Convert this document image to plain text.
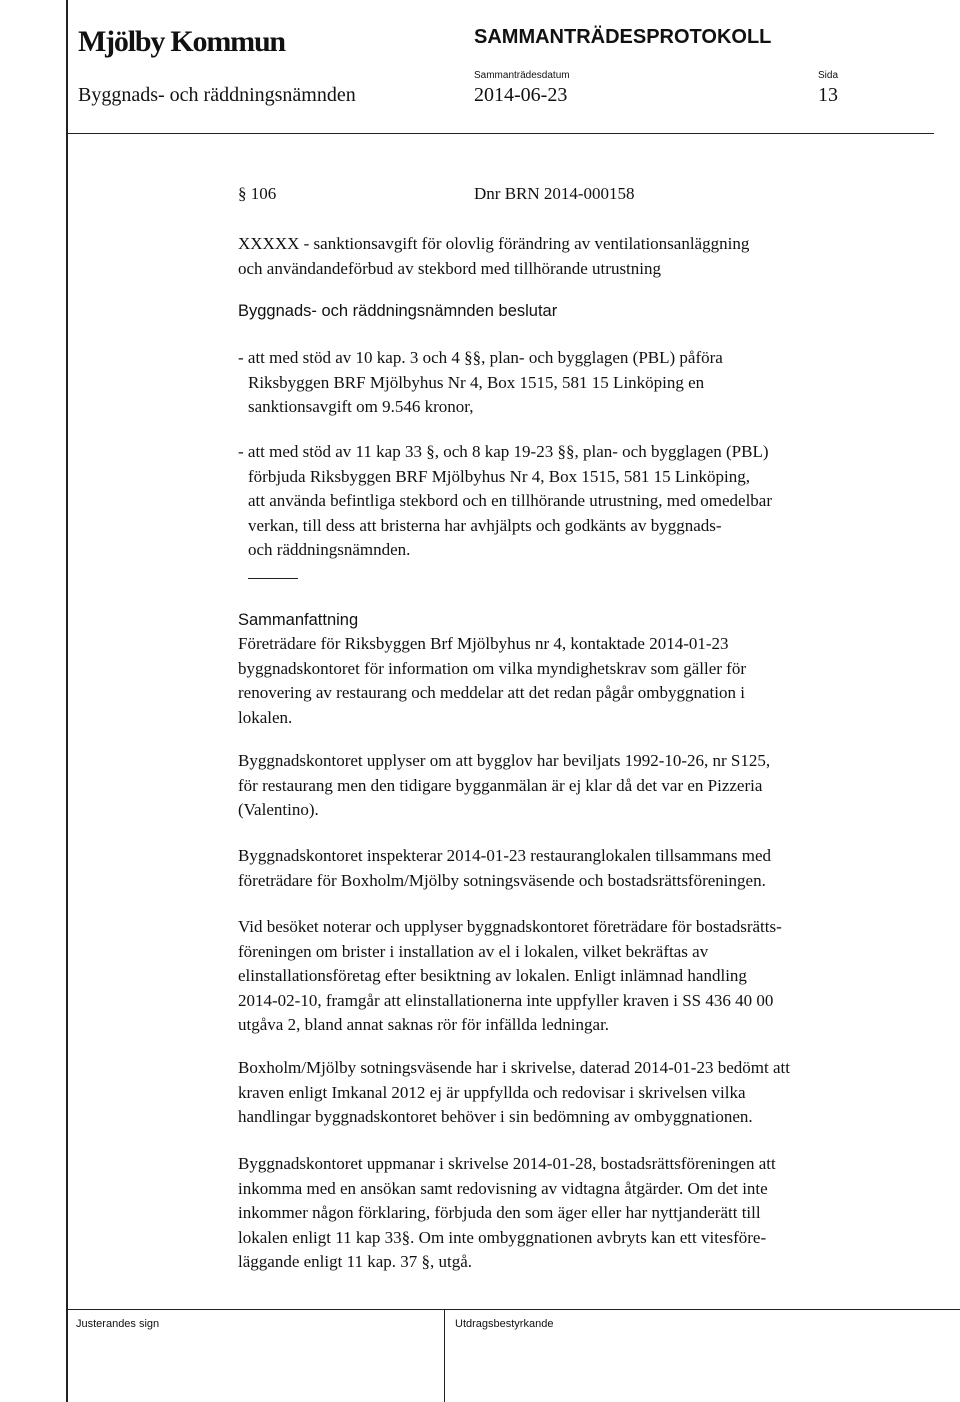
Mjölby Kommun	SAMMANTRÄDESPROTOKOLL
Sammanträdesdatum	Sida
Byggnads- och räddningsnämnden	2014-06-23	13
§ 106	Dnr BRN 2014-000158
XXXXX - sanktionsavgift för olovlig förändring av ventilationsanläggning
och användandeförbud av stekbord med tillhörande utrustning
Byggnads- och räddningsnämnden beslutar
- att med stöd av 10 kap. 3 och 4 §§, plan- och bygglagen (PBL) påföra
Riksbyggen BRF Mjölbyhus Nr 4, Box 1515, 581 15 Linköping en
sanktionsavgift om 9.546 kronor,
- att med stöd av 11 kap 33 §, och 8 kap 19-23 §§, plan- och bygglagen (PBL)
förbjuda Riksbyggen BRF Mjölbyhus Nr 4, Box 1515, 581 15 Linköping,
att använda befintliga stekbord och en tillhörande utrustning, med omedelbar
verkan, till dess att bristerna har avhjälpts och godkänts av byggnads-
och räddningsnämnden.
Sammanfattning
Företrädare för Riksbyggen Brf Mjölbyhus nr 4, kontaktade 2014-01-23
byggnadskontoret för information om vilka myndighetskrav som gäller för
renovering av restaurang och meddelar att det redan pågår ombyggnation i
lokalen.
Byggnadskontoret upplyser om att bygglov har beviljats 1992-10-26, nr S125,
för restaurang men den tidigare bygganmälan är ej klar då det var en Pizzeria
(Valentino).
Byggnadskontoret inspekterar 2014-01-23 restauranglokalen tillsammans med
företrädare för Boxholm/Mjölby sotningsväsende och bostadsrättsföreningen.
Vid besöket noterar och upplyser byggnadskontoret företrädare för bostadsrätts-
föreningen om brister i installation av el i lokalen, vilket bekräftas av
elinstallationsföretag efter besiktning av lokalen. Enligt inlämnad handling
2014-02-10, framgår att elinstallationerna inte uppfyller kraven i SS 436 40 00
utgåva 2, bland annat saknas rör för infällda ledningar.
Boxholm/Mjölby sotningsväsende har i skrivelse, daterad 2014-01-23 bedömt att
kraven enligt Imkanal 2012 ej är uppfyllda och redovisar i skrivelsen vilka
handlingar byggnadskontoret behöver i sin bedömning av ombyggnationen.
Byggnadskontoret uppmanar i skrivelse 2014-01-28, bostadsrättsföreningen att
inkomma med en ansökan samt redovisning av vidtagna åtgärder. Om det inte
inkommer någon förklaring, förbjuda den som äger eller har nyttjanderätt till
lokalen enligt 11 kap 33§. Om inte ombyggnationen avbryts kan ett vitesföre-
läggande enligt 11 kap. 37 §, utgå.
Justerandes sign	Utdragsbestyrkande
